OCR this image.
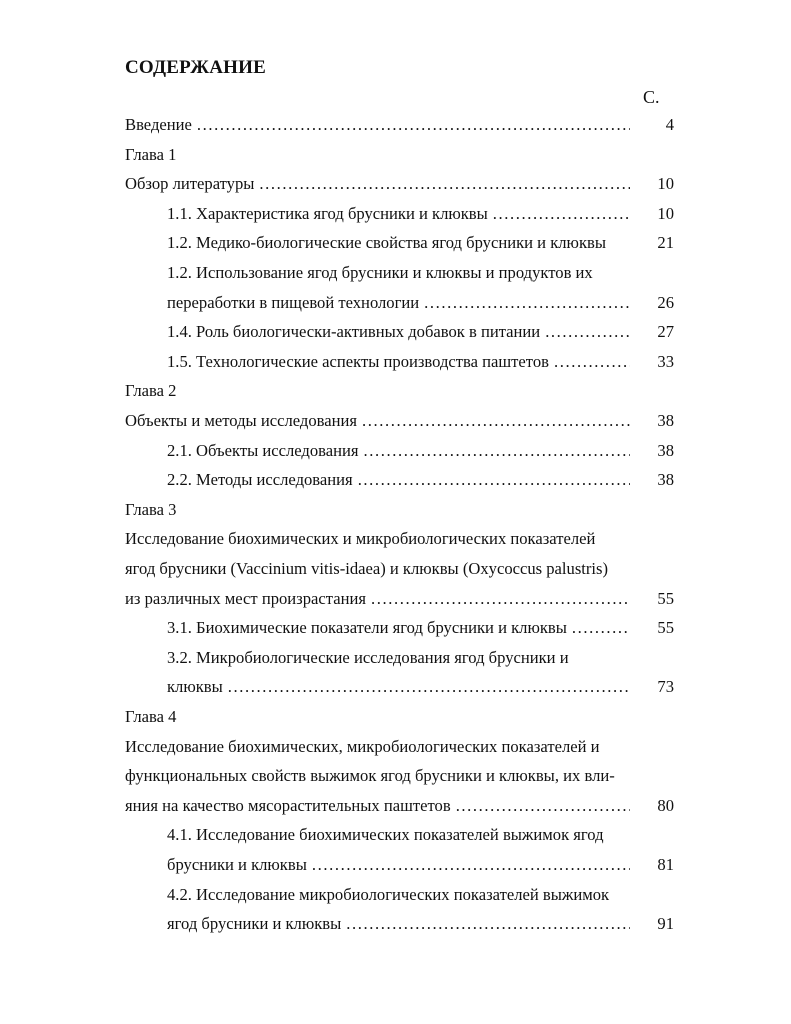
СОДЕРЖАНИЕ
С.
Введение .....	4
Глава 1
Обзор литературы .....	10
1.1. Характеристика ягод брусники и клюквы .....	10
1.2. Медико-биологические свойства ягод брусники и клюквы	21
1.2. Использование ягод брусники и клюквы и продуктов их
переработки в пищевой технологии .....	26
1.4. Роль биологически-активных добавок в питании .....	27
1.5. Технологические аспекты производства паштетов .....	33
Глава 2
Объекты и методы исследования .....	38
2.1. Объекты исследования .....	38
2.2. Методы исследования .....	38
Глава 3
Исследование биохимических и микробиологических показателей
ягод брусники (Vaccinium vitis-idaea) и клюквы (Oxycoccus palustris)
из различных мест произрастания .....	55
3.1. Биохимические показатели ягод брусники и клюквы .....	55
3.2. Микробиологические исследования ягод брусники и
клюквы .....	73
Глава 4
Исследование биохимических, микробиологических показателей и
функциональных свойств выжимок ягод брусники и клюквы, их вли-
яния на качество мясорастительных паштетов .....	80
4.1. Исследование биохимических показателей выжимок ягод
брусники и клюквы .....	81
4.2. Исследование микробиологических показателей выжимок
ягод брусники и клюквы .....	91
